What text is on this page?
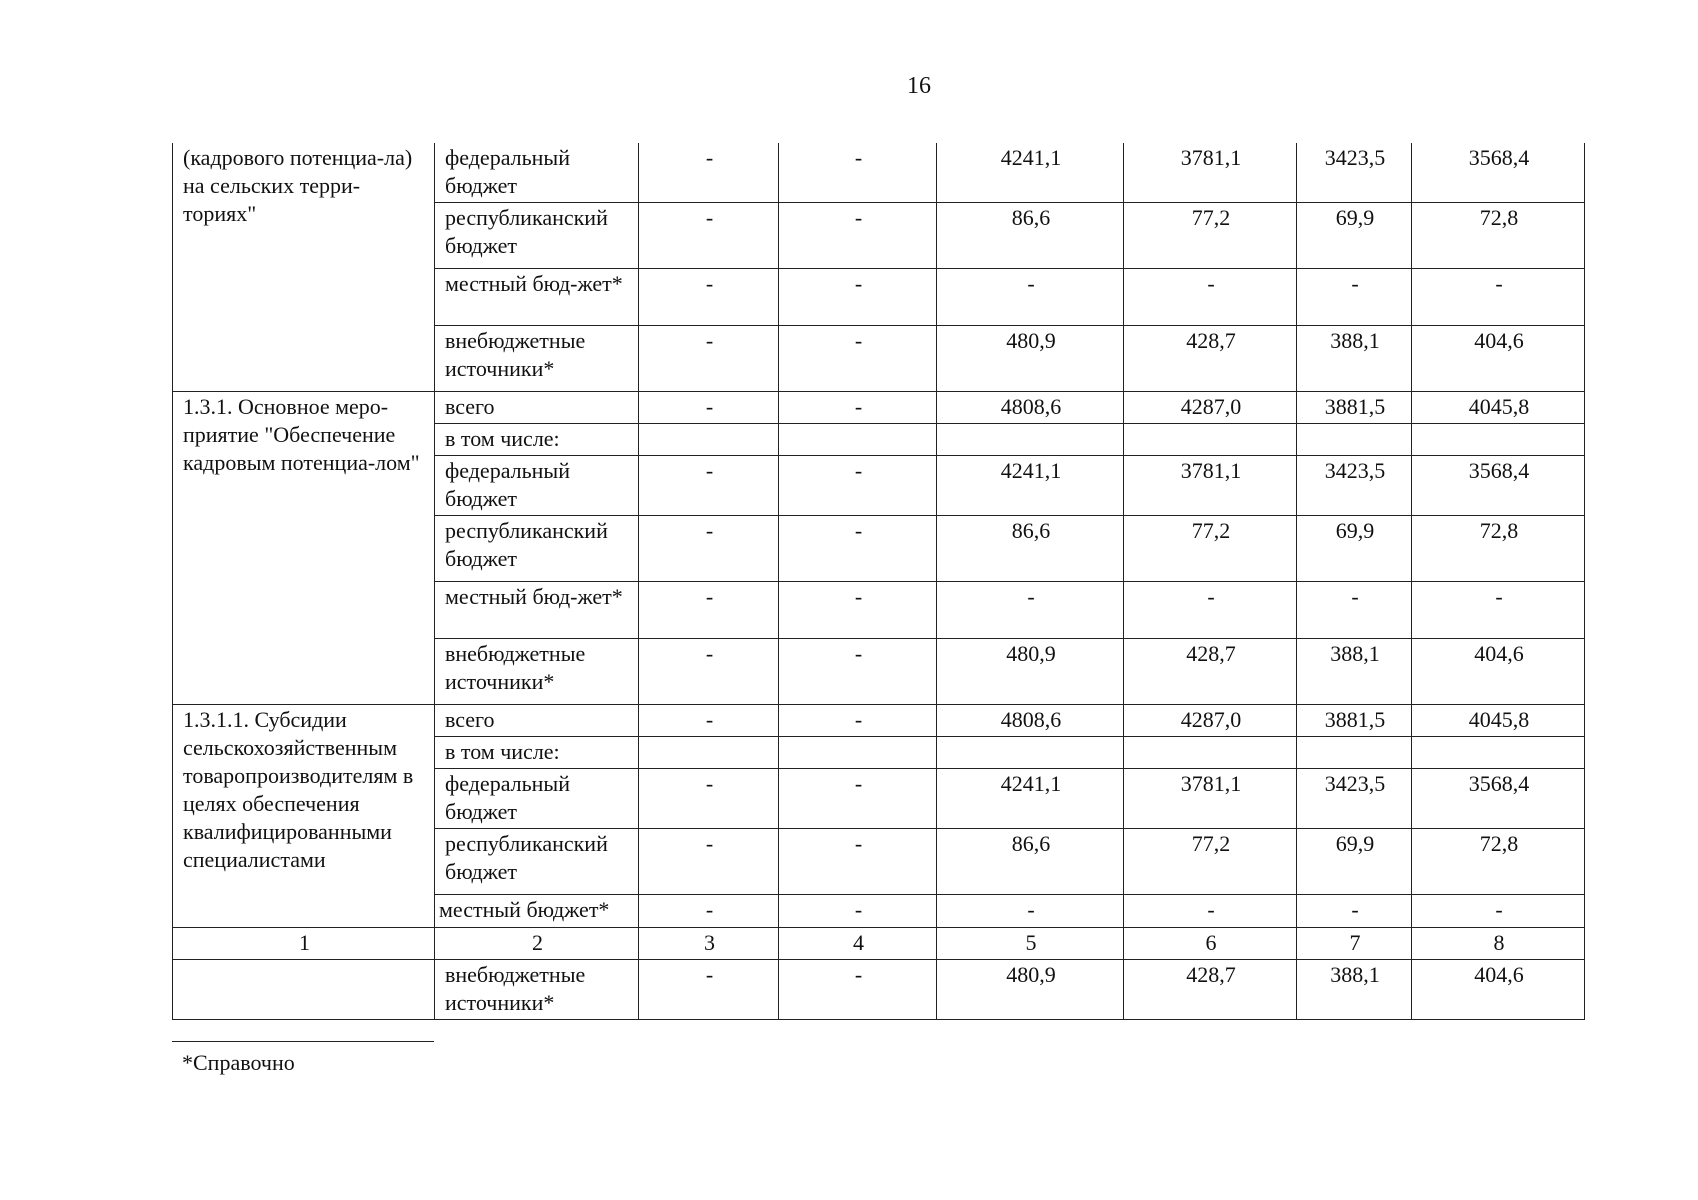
16
(кадрового потенциа-ла) на сельских терри-ториях"	федеральный бюджет	-	-	4241,1	3781,1	3423,5	3568,4
	республиканский бюджет	-	-	86,6	77,2	69,9	72,8
	местный бюд-жет*	-	-	-	-	-	-
	внебюджетные источники*	-	-	480,9	428,7	388,1	404,6
1.3.1. Основное меро-приятие "Обеспечение кадровым потенциа-лом"	всего	-	-	4808,6	4287,0	3881,5	4045,8
	в том числе:						
	федеральный бюджет	-	-	4241,1	3781,1	3423,5	3568,4
	республиканский бюджет	-	-	86,6	77,2	69,9	72,8
	местный бюд-жет*	-	-	-	-	-	-
	внебюджетные источники*	-	-	480,9	428,7	388,1	404,6
1.3.1.1. Субсидии сельскохозяйственным товаропроизводителям в целях обеспечения квалифицированными специалистами	всего	-	-	4808,6	4287,0	3881,5	4045,8
	в том числе:						
	федеральный бюджет	-	-	4241,1	3781,1	3423,5	3568,4
	республиканский бюджет	-	-	86,6	77,2	69,9	72,8
	местный бюджет*	-	-	-	-	-	-
1	2	3	4	5	6	7	8
	внебюджетные источники*	-	-	480,9	428,7	388,1	404,6
*Справочно
